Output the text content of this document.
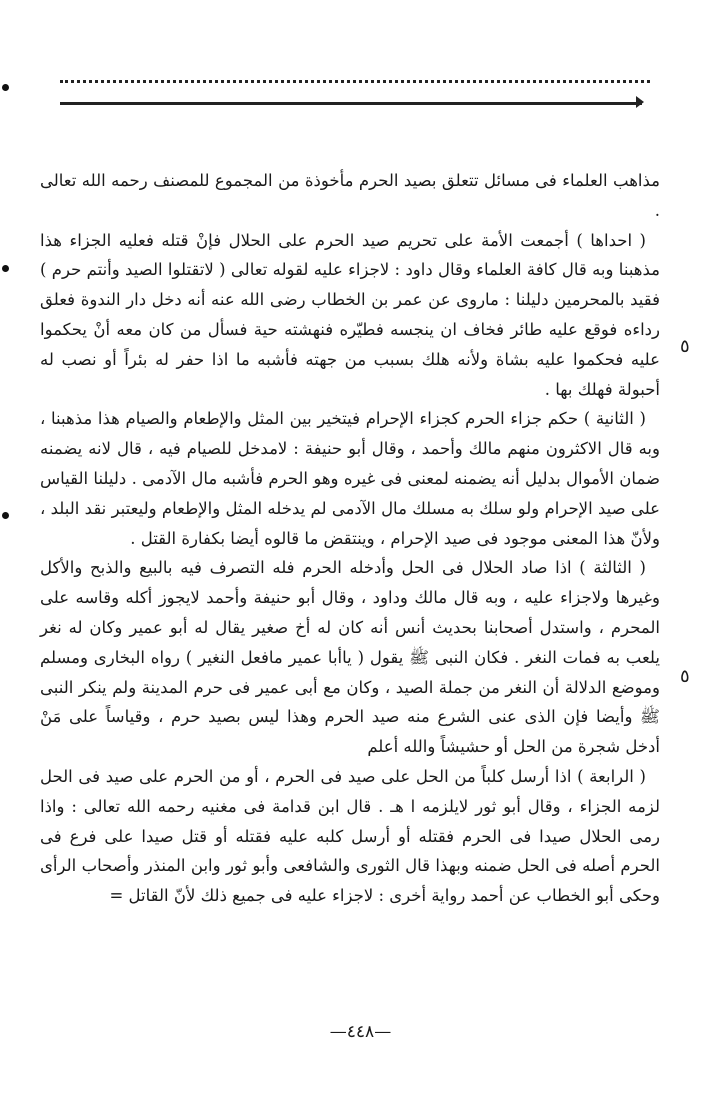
مذاهب العلماء فى مسائل تتعلق بصيد الحرم مأخوذة من المجموع للمصنف رحمه الله تعالى .

( احداها ) أجمعت الأمة على تحريم صيد الحرم على الحلال فإنْ قتله فعليه الجزاء هذا مذهبنا وبه قال كافة العلماء وقال داود : لاجزاء عليه لقوله تعالى ( لاتقتلوا الصيد وأنتم حرم ) فقيد بالمحرمين دليلنا : ماروى عن عمر بن الخطاب رضى الله عنه أنه دخل دار الندوة فعلق رداءه فوقع عليه طائر فخاف ان ينجسه فطيّره فنهشته حية فسأل من كان معه أنْ يحكموا عليه فحكموا عليه بشاة ولأنه هلك بسبب من جهته فأشبه ما اذا حفر له بئراً أو نصب له أحبولة فهلك بها .

( الثانية ) حكم جزاء الحرم كجزاء الإحرام فيتخير بين المثل والإطعام والصيام هذا مذهبنا ، وبه قال الاكثرون منهم مالك وأحمد ، وقال أبو حنيفة : لامدخل للصيام فيه ، قال لانه يضمنه ضمان الأموال بدليل أنه يضمنه لمعنى فى غيره وهو الحرم فأشبه مال الآدمى . دليلنا القياس على صيد الإحرام ولو سلك به مسلك مال الآدمى لم يدخله المثل والإطعام وليعتبر نقد البلد ، ولأنّ هذا المعنى موجود فى صيد الإحرام ، وينتقض ما قالوه أيضا بكفارة القتل .

( الثالثة ) اذا صاد الحلال فى الحل وأدخله الحرم فله التصرف فيه بالبيع والذبح والأكل وغيرها ولاجزاء عليه ، وبه قال مالك وداود ، وقال أبو حنيفة وأحمد لايجوز أكله وقاسه على المحرم ، واستدل أصحابنا بحديث أنس أنه كان له أخ صغير يقال له أبو عمير وكان له نغر يلعب به فمات النغر . فكان النبى ﷺ يقول ( ياأبا عمير مافعل النغير ) رواه البخارى ومسلم وموضع الدلالة أن النغر من جملة الصيد ، وكان مع أبى عمير فى حرم المدينة ولم ينكر النبى ﷺ وأيضا فإن الذى عنى الشرع منه صيد الحرم وهذا ليس بصيد حرم ، وقياساً على مَنْ أدخل شجرة من الحل أو حشيشاً والله أعلم

( الرابعة ) اذا أرسل كلباً من الحل على صيد فى الحرم ، أو من الحرم على صيد فى الحل لزمه الجزاء ، وقال أبو ثور لايلزمه ا هـ . قال ابن قدامة فى مغنيه رحمه الله تعالى : واذا رمى الحلال صيدا فى الحرم فقتله أو أرسل كلبه عليه فقتله أو قتل صيدا على فرع فى الحرم أصله فى الحل ضمنه وبهذا قال الثورى والشافعى وأبو ثور وابن المنذر وأصحاب الرأى وحكى أبو الخطاب عن أحمد رواية أخرى : لاجزاء عليه فى جميع ذلك لأنّ القاتل =

٥
٥
—٤٤٨—
